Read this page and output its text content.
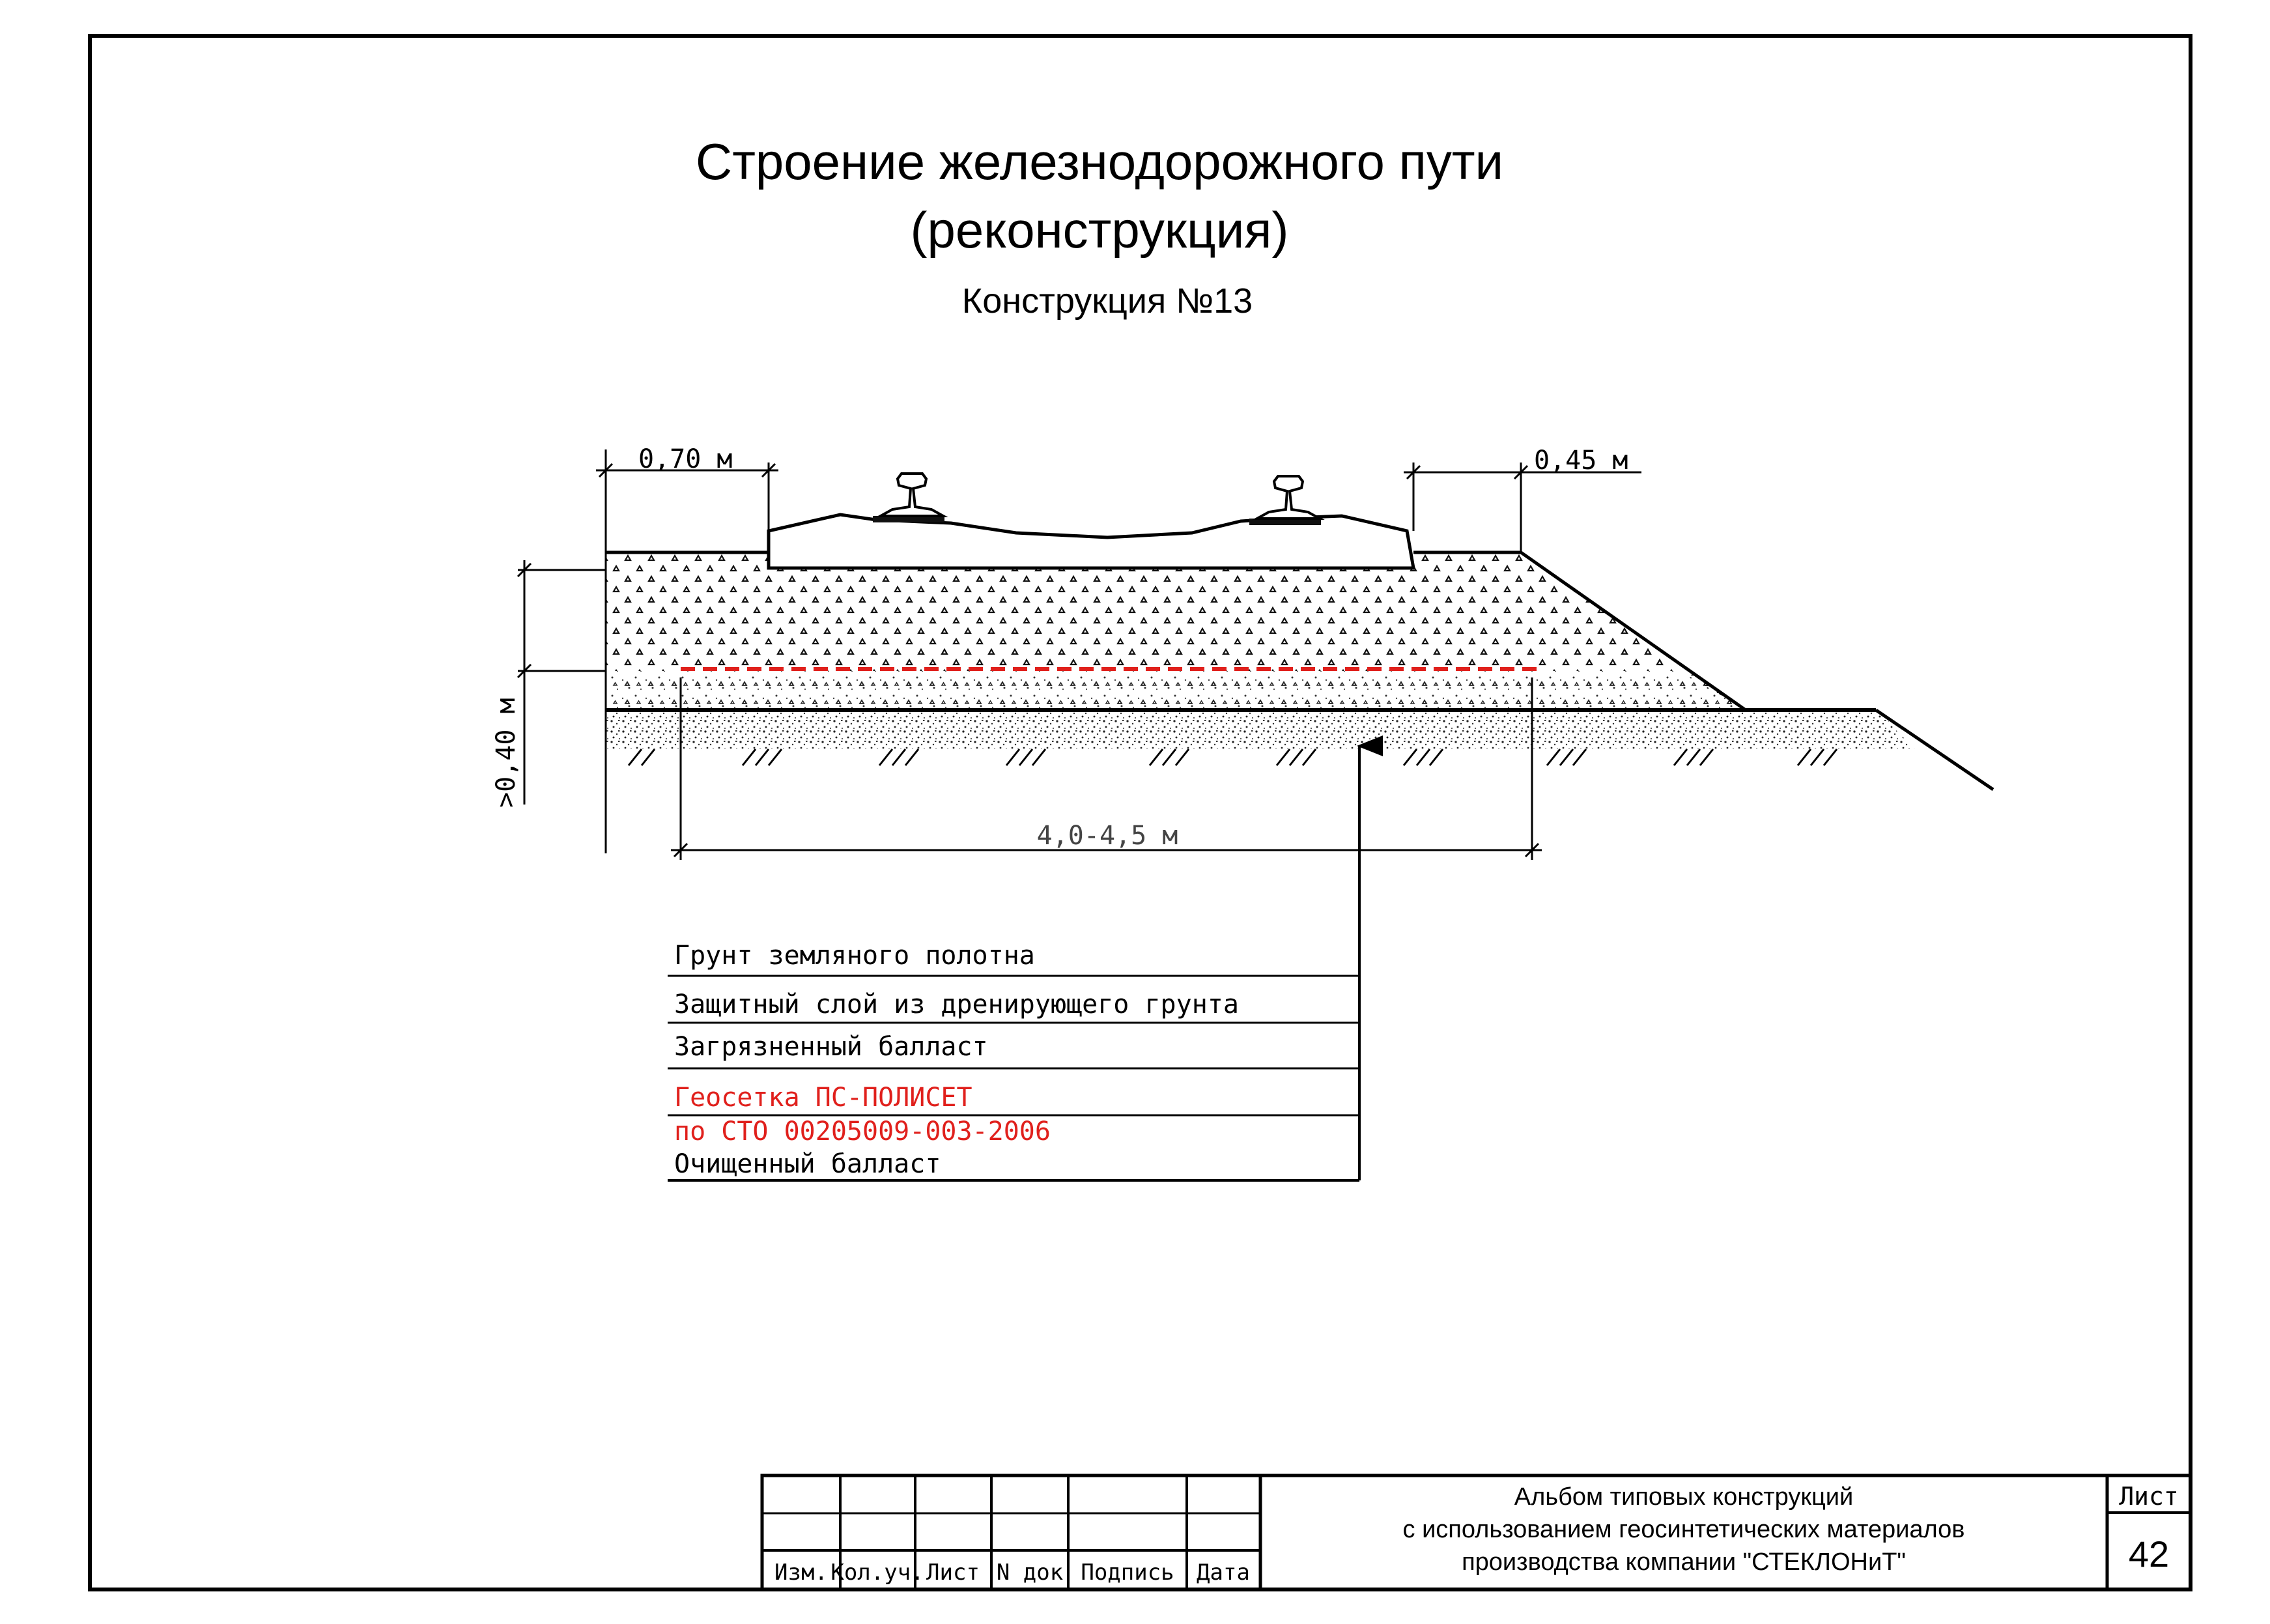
Строение железнодорожного пути
(реконструкция)
Конструкция №13
0,70 м	0,45 м
>0,40 м
4,0-4,5 м
Грунт земляного полотна
Защитный слой из дренирующего грунта
Загрязненный балласт
Геосетка ПС-ПОЛИСЕТ
по СТО 00205009-003-2006
Очищенный балласт
Изм. Кол.уч. Лист N док Подпись Дата
Альбом типовых конструкций
с использованием геосинтетических материалов
производства компании "СТЕКЛОНиТ"
Лист
42
